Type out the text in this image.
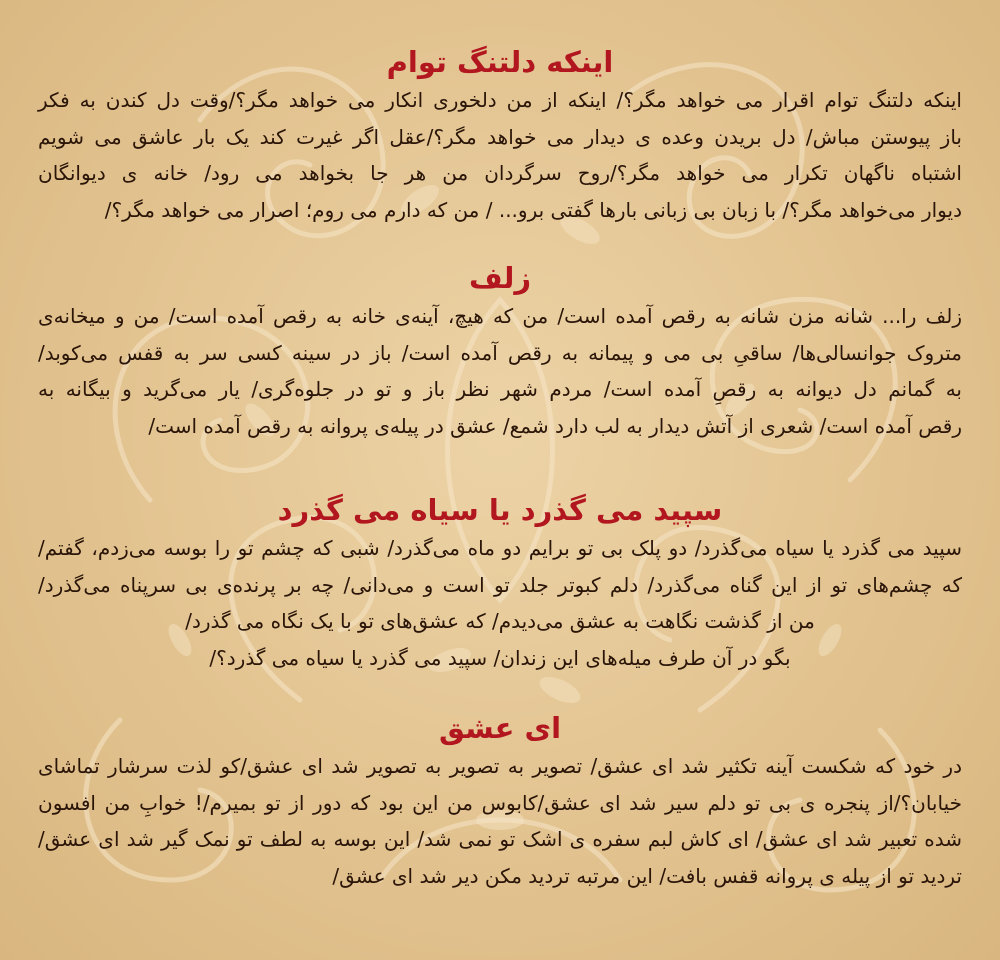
اینکه دلتنگ توام
اینکه دلتنگ توام اقرار می خواهد مگر؟/ اینکه از من دلخوری انکار می خواهد مگر؟/وقت دل کندن به فکر
باز پیوستن مباش/ دل بریدن وعده ی دیدار می خواهد مگر؟/عقل اگر غیرت کند یک بار عاشق می شویم
اشتباه ناگهان تکرار می خواهد مگر؟/روح سرگردان من هر جا بخواهد می رود/ خانه ی دیوانگان
دیوار می‌خواهد مگر؟/ با زبان بی زبانی بارها گفتی برو... / من که دارم می روم؛ اصرار می خواهد مگر؟/
زلف
زلف را... شانه مزن شانه به رقص آمده است/ من که هیچ، آینه‌ی خانه به رقص آمده است/ من و میخانه‌ی
متروک جوانسالی‌ها/ ساقیِ بی می و پیمانه به رقص آمده است/ باز در سینه کسی سر به قفس می‌کوبد/
به گمانم دل دیوانه به رقصِ آمده است/ مردم شهر نظر باز و تو در جلوه‌گری/ یار می‌گرید و بیگانه به
رقص آمده است/ شعری از آتش دیدار به لب دارد شمع/ عشق در پیله‌ی پروانه به رقص آمده است/
سپید می گذرد یا سیاه می گذرد
سپید می گذرد یا سیاه می‌گذرد/ دو پلک بی تو برایم دو ماه می‌گذرد/ شبی که چشم تو را بوسه می‌زدم، گفتم/
که چشم‌های تو از این گناه می‌گذرد/ دلم کبوتر جلد تو است و می‌دانی/ چه بر پرنده‌ی بی سرپناه می‌گذرد/
من از گذشت نگاهت به عشق می‌دیدم/ که عشق‌های تو با یک نگاه می گذرد/
بگو در آن طرف میله‌های این زندان/ سپید می گذرد یا سیاه می گذرد؟/
ای عشق
در خود که شکست آینه تکثیر شد ای عشق/ تصویر به تصویر به تصویر شد ای عشق/کو لذت سرشار تماشای
خیابان؟/از پنجره ی بی تو دلم سیر شد ای عشق/کابوس من این بود که دور از تو بمیرم/! خوابِ من افسون
شده تعبیر شد ای عشق/ ای کاش لبم سفره ی اشک تو نمی شد/ این بوسه به لطف تو نمک گیر شد ای عشق/
تردید تو از پیله ی پروانه قفس بافت/ این مرتبه تردید مکن دیر شد ای عشق/
